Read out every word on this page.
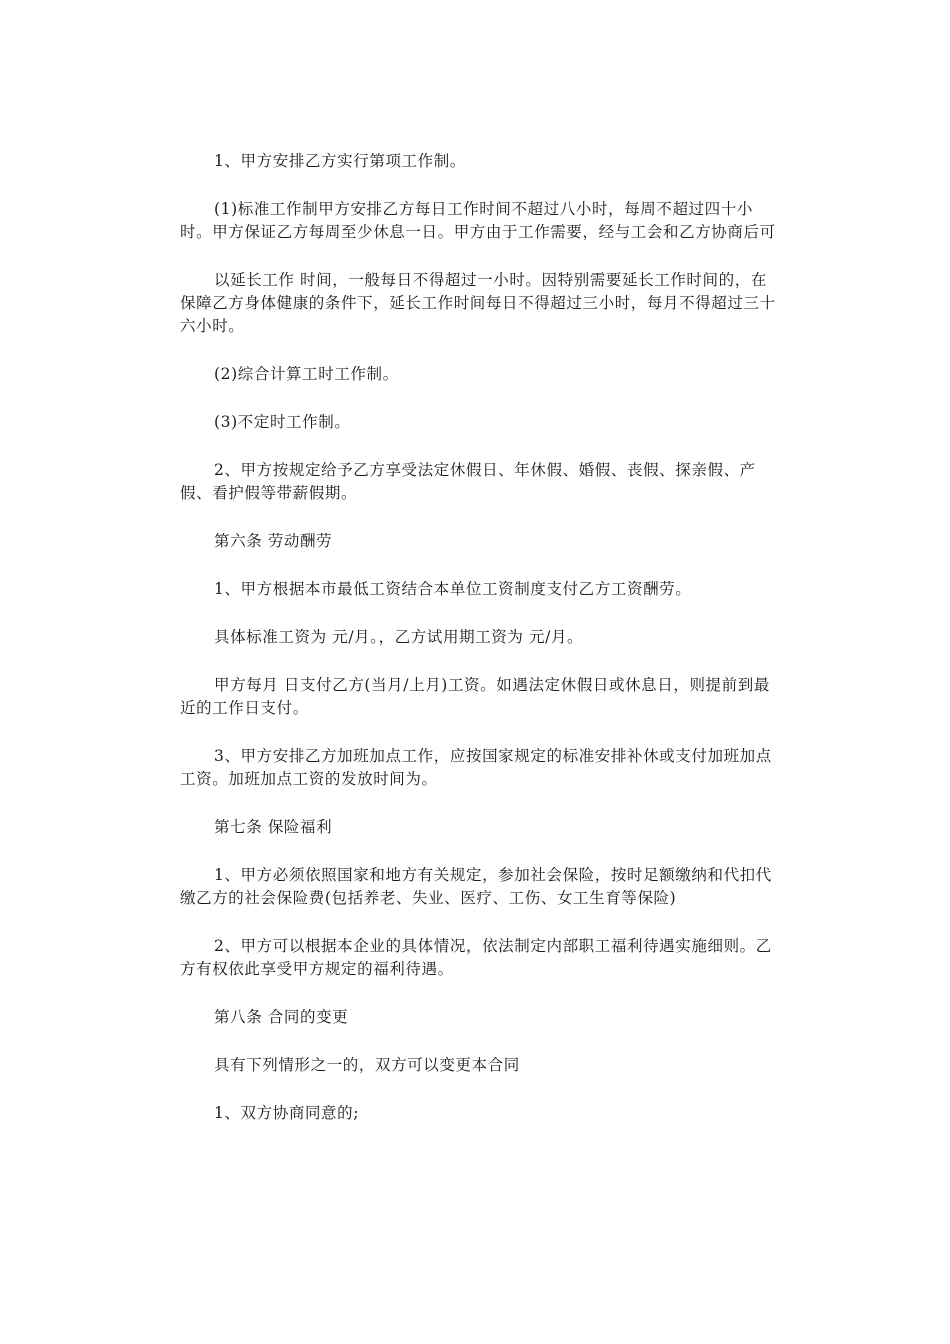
1、甲方安排乙方实行第项工作制。

(1)标准工作制甲方安排乙方每日工作时间不超过八小时，每周不超过四十小时。甲方保证乙方每周至少休息一日。甲方由于工作需要，经与工会和乙方协商后可

以延长工作 时间，一般每日不得超过一小时。因特别需要延长工作时间的，在保障乙方身体健康的条件下，延长工作时间每日不得超过三小时，每月不得超过三十六小时。

(2)综合计算工时工作制。

(3)不定时工作制。

2、甲方按规定给予乙方享受法定休假日、年休假、婚假、丧假、探亲假、产假、看护假等带薪假期。

第六条 劳动酬劳

1、甲方根据本市最低工资结合本单位工资制度支付乙方工资酬劳。

具体标准工资为 元/月。，乙方试用期工资为 元/月。

甲方每月 日支付乙方(当月/上月)工资。如遇法定休假日或休息日，则提前到最近的工作日支付。

3、甲方安排乙方加班加点工作，应按国家规定的标准安排补休或支付加班加点工资。加班加点工资的发放时间为。

第七条 保险福利

1、甲方必须依照国家和地方有关规定，参加社会保险，按时足额缴纳和代扣代缴乙方的社会保险费(包括养老、失业、医疗、工伤、女工生育等保险)

2、甲方可以根据本企业的具体情况，依法制定内部职工福利待遇实施细则。乙方有权依此享受甲方规定的福利待遇。

第八条 合同的变更

具有下列情形之一的，双方可以变更本合同

1、双方协商同意的;
